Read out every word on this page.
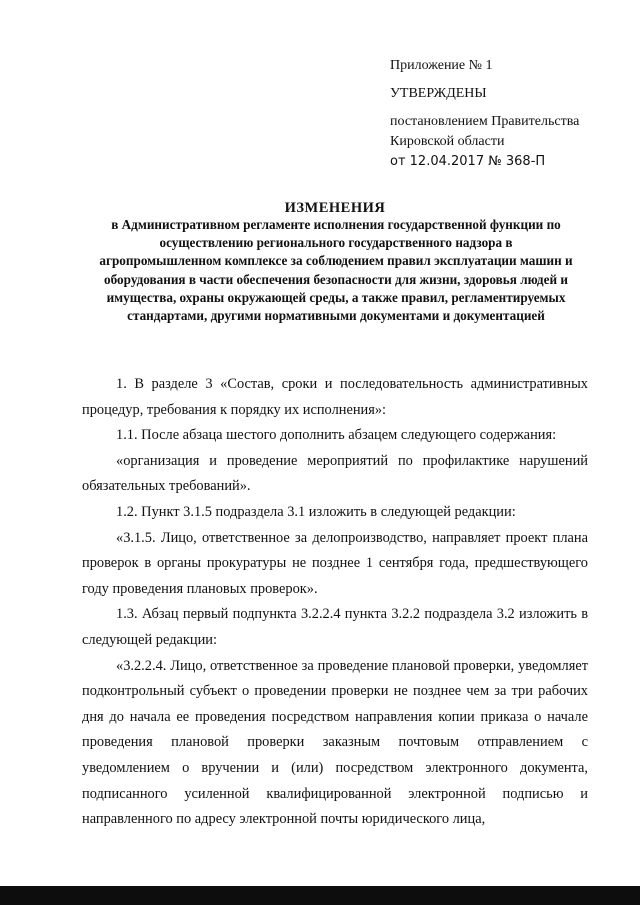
Приложение № 1
УТВЕРЖДЕНЫ
постановлением Правительства
Кировской области
от 12.04.2017 № 368-П
ИЗМЕНЕНИЯ
в Административном регламенте исполнения государственной функции по осуществлению регионального государственного надзора в агропромышленном комплексе за соблюдением правил эксплуатации машин и оборудования в части обеспечения безопасности для жизни, здоровья людей и имущества, охраны окружающей среды, а также правил, регламентируемых стандартами, другими нормативными документами и документацией

1. В разделе 3 «Состав, сроки и последовательность административных процедур, требования к порядку их исполнения»:

1.1. После абзаца шестого дополнить абзацем следующего содержания:

«организация и проведение мероприятий по профилактике нарушений обязательных требований».

1.2. Пункт 3.1.5 подраздела 3.1 изложить в следующей редакции:

«3.1.5. Лицо, ответственное за делопроизводство, направляет проект плана проверок в органы прокуратуры не позднее 1 сентября года, предшествующего году проведения плановых проверок».

1.3. Абзац первый подпункта 3.2.2.4 пункта 3.2.2 подраздела 3.2 изложить в следующей редакции:

«3.2.2.4. Лицо, ответственное за проведение плановой проверки, уведомляет подконтрольный субъект о проведении проверки не позднее чем за три рабочих дня до начала ее проведения посредством направления копии приказа о начале проведения плановой проверки заказным почтовым отправлением с уведомлением о вручении и (или) посредством электронного документа, подписанного усиленной квалифицированной электронной подписью и направленного по адресу электронной почты юридического лица,
